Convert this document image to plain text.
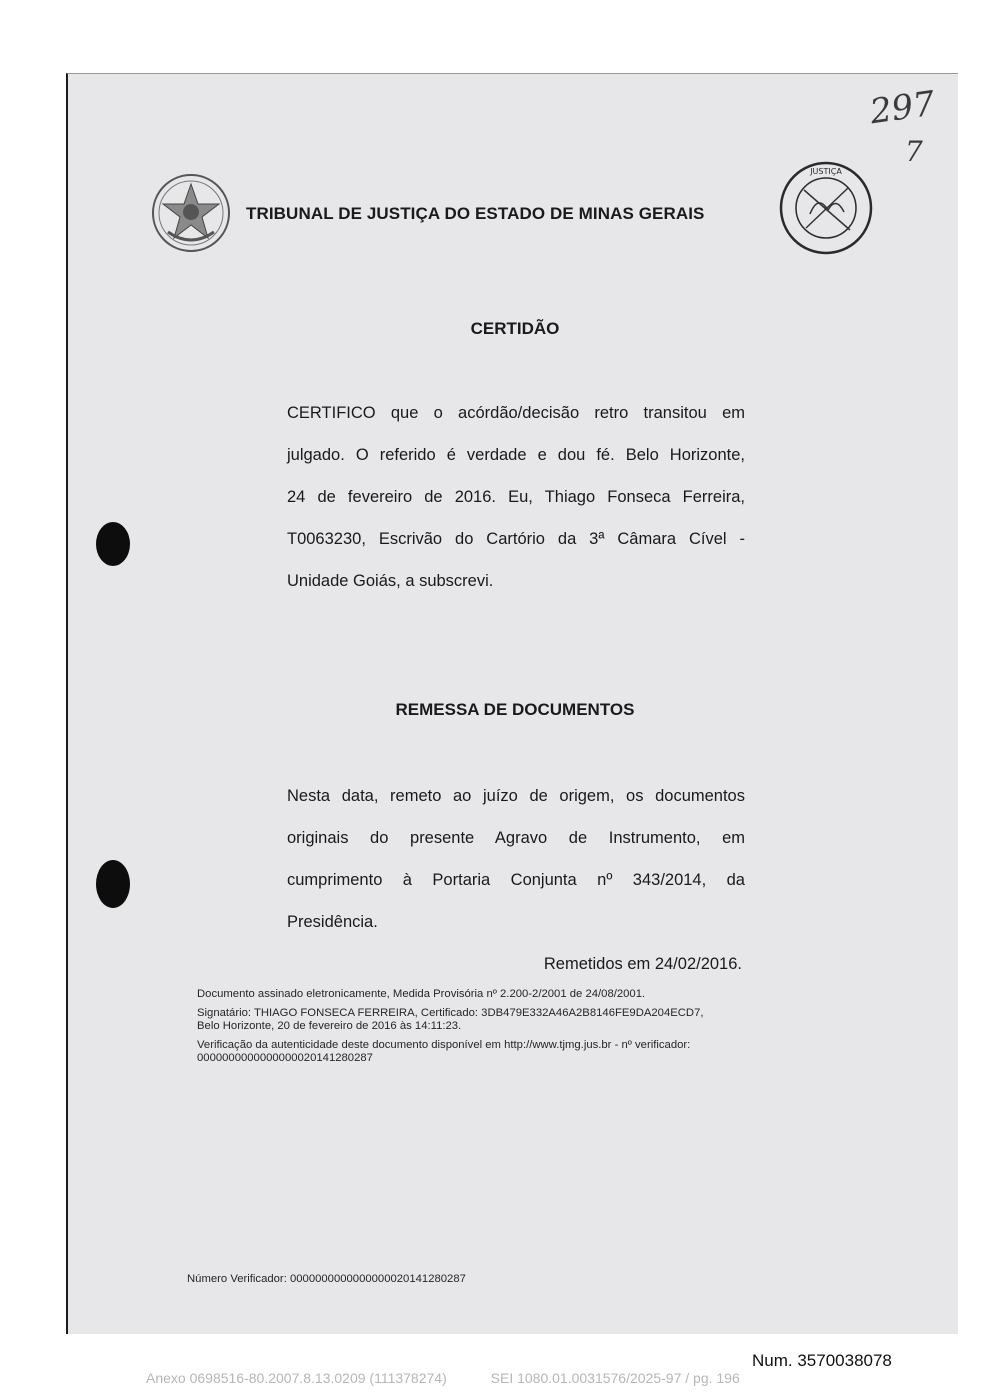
TRIBUNAL DE JUSTIÇA DO ESTADO DE MINAS GERAIS
JUSTIÇA
297
7
CERTIDÃO
CERTIFICO que o acórdão/decisão retro transitou em
julgado. O referido é verdade e dou fé. Belo Horizonte,
24 de fevereiro de 2016. Eu, Thiago Fonseca Ferreira,
T0063230, Escrivão do Cartório da 3ª Câmara Cível -
Unidade Goiás, a subscrevi.
REMESSA DE DOCUMENTOS
Nesta data, remeto ao juízo de origem, os documentos
originais do presente Agravo de Instrumento, em
cumprimento à Portaria Conjunta nº 343/2014, da
Presidência.
Remetidos em 24/02/2016.
Documento assinado eletronicamente, Medida Provisória nº 2.200-2/2001 de 24/08/2001.
Signatário: THIAGO FONSECA FERREIRA, Certificado: 3DB479E332A46A2B8146FE9DA204ECD7,
Belo Horizonte, 20 de fevereiro de 2016 às 14:11:23.
Verificação da autenticidade deste documento disponível em http://www.tjmg.jus.br - nº verificador:
0000000000000000020141280287
Número Verificador: 0000000000000000020141280287
Num. 3570038078
Anexo 0698516-80.2007.8.13.0209 (111378274)	SEI 1080.01.0031576/2025-97 / pg. 196
